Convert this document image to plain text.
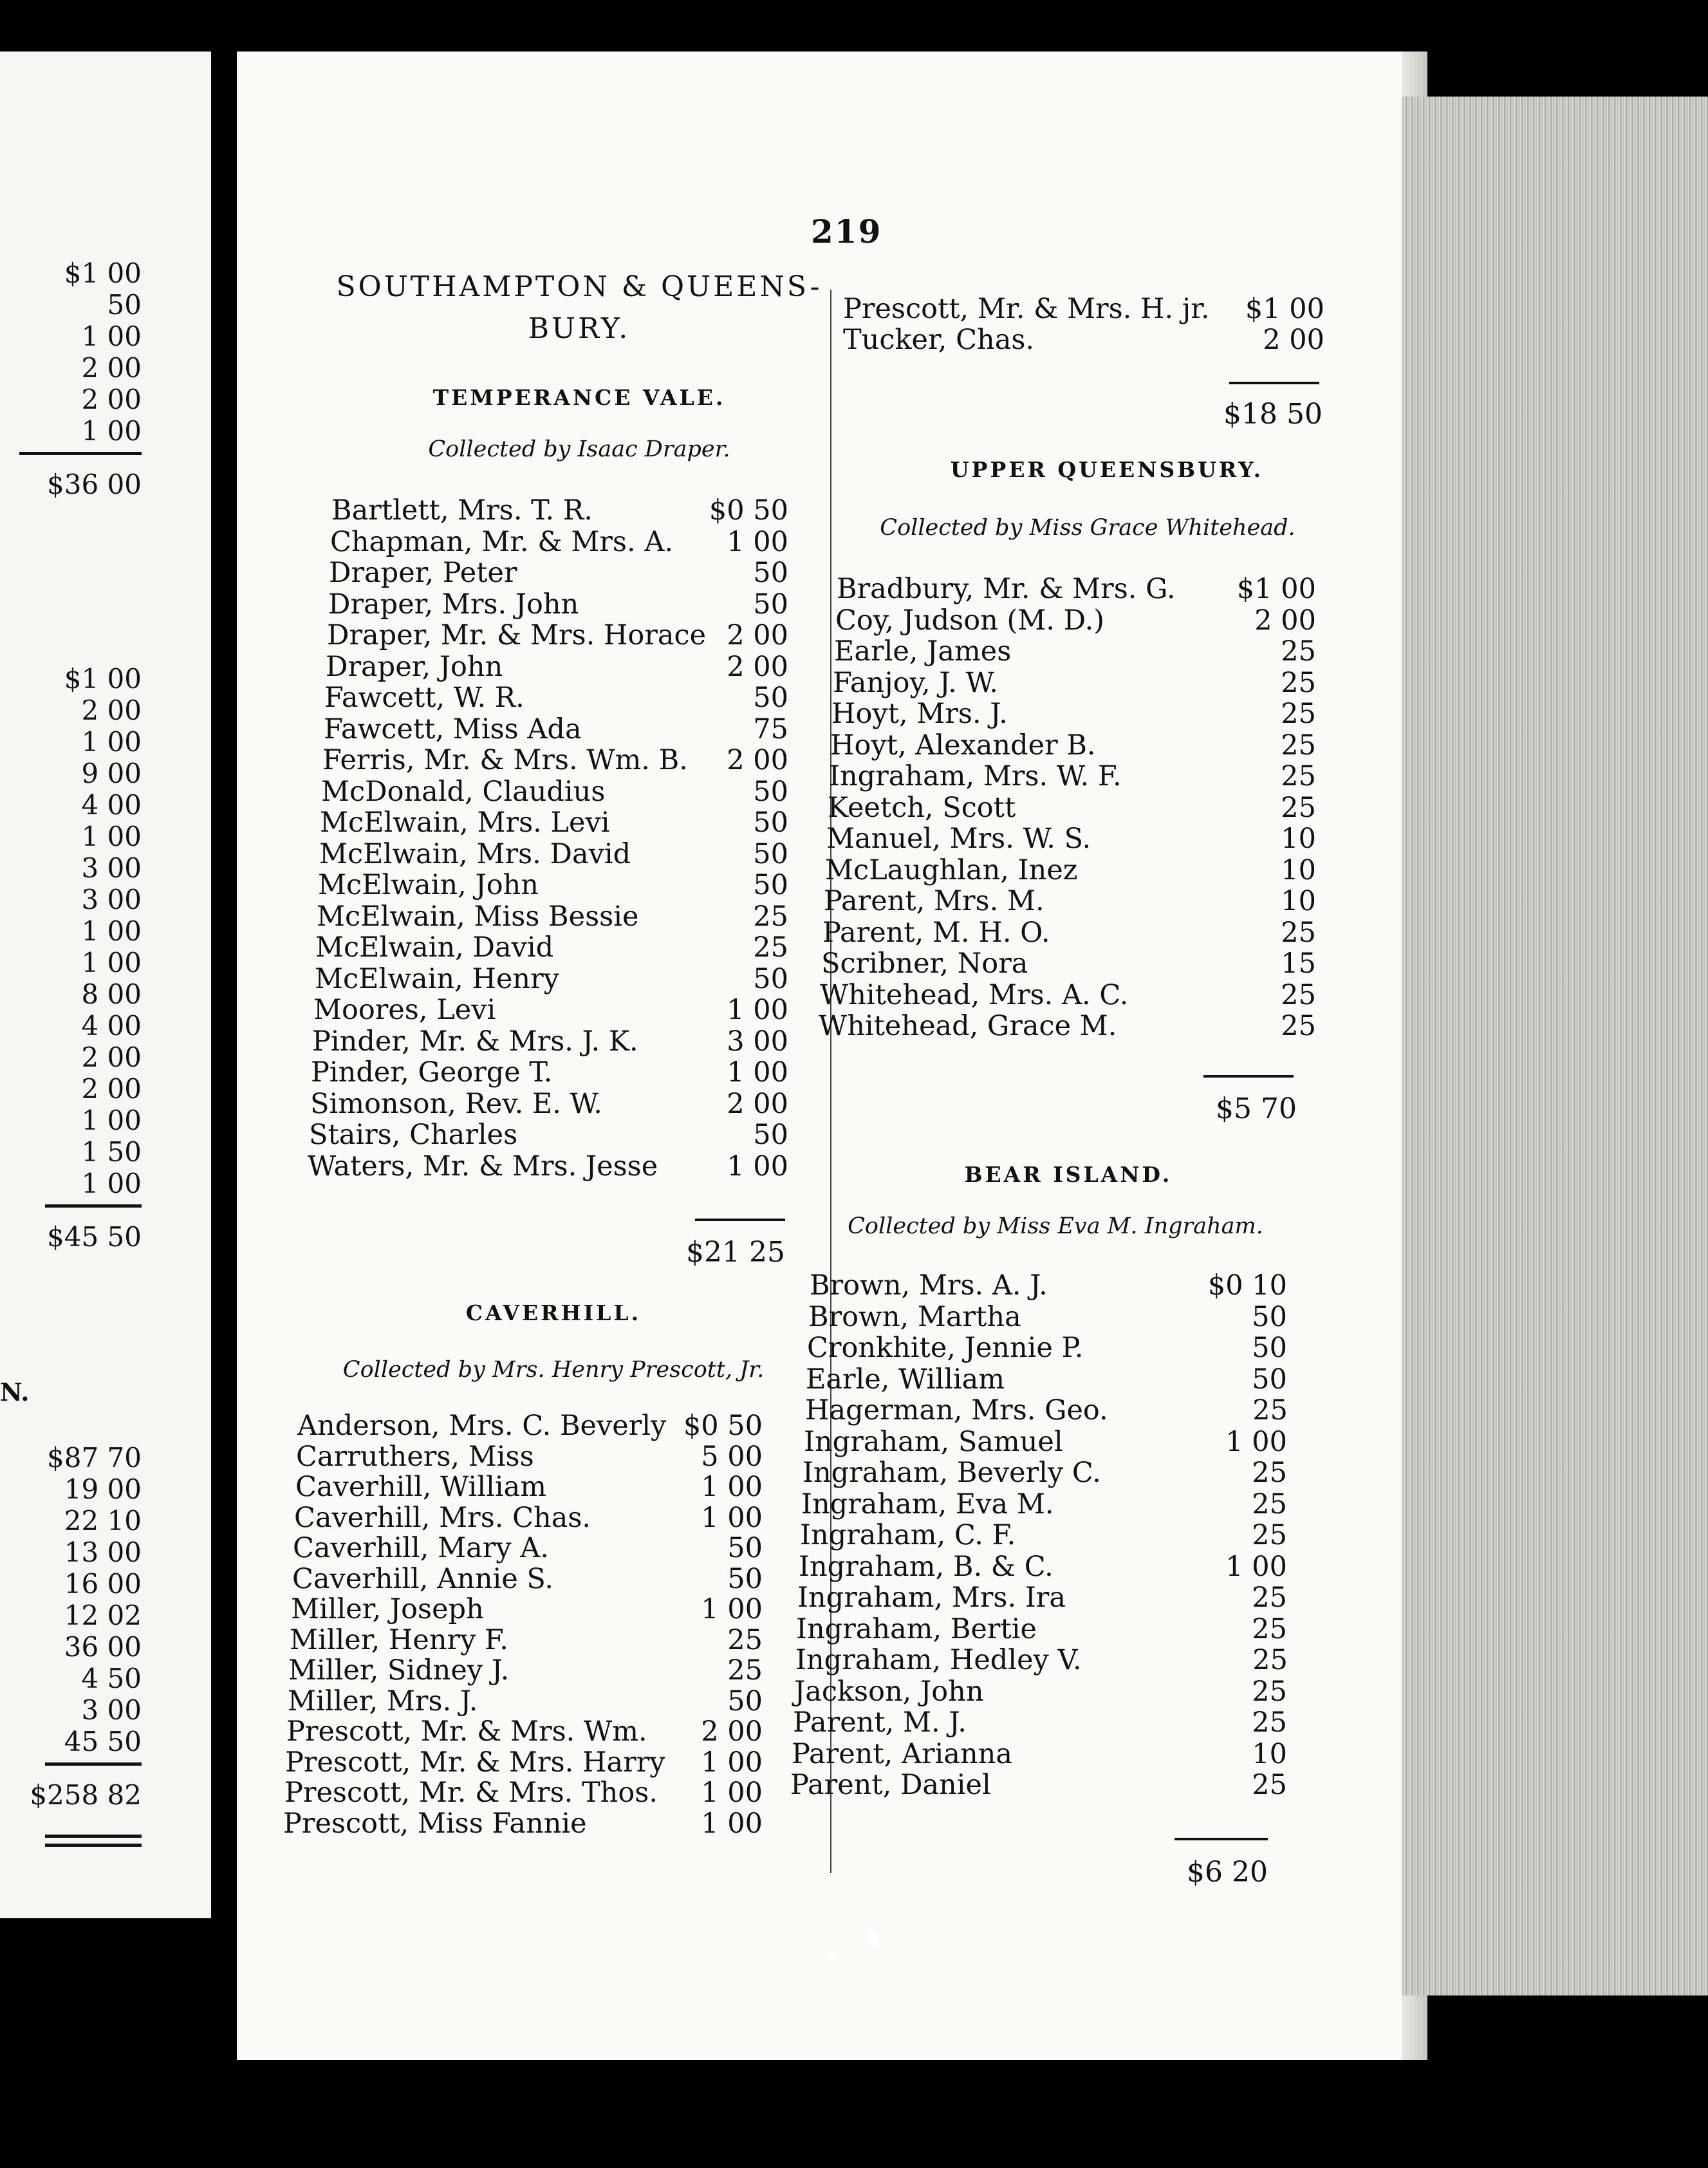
$1 00
50
1 00
2 00
2 00
1 00
$36 00
$1 00
2 00
1 00
9 00
4 00
1 00
3 00
3 00
1 00
1 00
8 00
4 00
2 00
2 00
1 00
1 50
1 00
$45 50
$87 70
19 00
22 10
13 00
16 00
12 02
36 00
4 50
3 00
45 50
$258 82
N.
219
SOUTHAMPTON & QUEENS-
BURY.
TEMPERANCE VALE.
Collected by Isaac Draper.
Bartlett, Mrs. T. R.	$0 50
Chapman, Mr. & Mrs. A. 1 00
Draper, Peter	50
Draper, Mrs. John	50
Draper, Mr. & Mrs. Horace 2 00
Draper, John	2 00
Fawcett, W. R.	50
Fawcett, Miss Ada	75
Ferris, Mr. & Mrs. Wm. B. 2 00
McDonald, Claudius	50
McElwain, Mrs. Levi	50
McElwain, Mrs. David	50
McElwain, John	50
McElwain, Miss Bessie	25
McElwain, David	25
McElwain, Henry	50
Moores, Levi	1 00
Pinder, Mr. & Mrs. J. K.	3 00
Pinder, George T.	1 00
Simonson, Rev. E. W.	2 00
Stairs, Charles	50
Waters, Mr. & Mrs. Jesse 1 00
$21 25
CAVERHILL.
Collected by Mrs. Henry Prescott, Jr.
Anderson, Mrs. C. Beverly $0 50
Carruthers, Miss	5 00
Caverhill, William	1 00
Caverhill, Mrs. Chas.	1 00
Caverhill, Mary A.	50
Caverhill, Annie S.	50
Miller, Joseph	1 00
Miller, Henry F.	25
Miller, Sidney J.	25
Miller, Mrs. J.	50
Prescott, Mr. & Mrs. Wm. 2 00
Prescott, Mr. & Mrs. Harry 1 00
Prescott, Mr. & Mrs. Thos. 1 00
Prescott, Miss Fannie	1 00
Prescott, Mr. & Mrs. H. jr. $1 00
Tucker, Chas.	2 00
$18 50
UPPER QUEENSBURY.
Collected by Miss Grace Whitehead.
Bradbury, Mr. & Mrs. G. $1 00
Coy, Judson (M. D.)	2 00
Earle, James	25
Fanjoy, J. W.	25
Hoyt, Mrs. J.	25
Hoyt, Alexander B.	25
Ingraham, Mrs. W. F.	25
Keetch, Scott	25
Manuel, Mrs. W. S.	10
McLaughlan, Inez	10
Parent, Mrs. M.	10
Parent, M. H. O.	25
Scribner, Nora	15
Whitehead, Mrs. A. C.	25
Whitehead, Grace M.	25
$5 70
BEAR ISLAND.
Collected by Miss Eva M. Ingraham.
Brown, Mrs. A. J.	$0 10
Brown, Martha	50
Cronkhite, Jennie P.	50
Earle, William	50
Hagerman, Mrs. Geo.	25
Ingraham, Samuel	1 00
Ingraham, Beverly C.	25
Ingraham, Eva M.	25
Ingraham, C. F.	25
Ingraham, B. & C.	1 00
Ingraham, Mrs. Ira	25
Ingraham, Bertie	25
Ingraham, Hedley V.	25
Jackson, John	25
Parent, M. J.	25
Parent, Arianna	10
Parent, Daniel	25
$6 20
